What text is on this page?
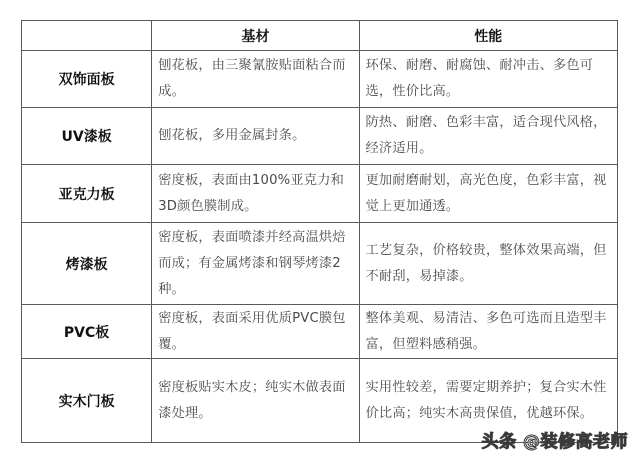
	基材	性能
双饰面板	刨花板，由三聚氰胺贴面粘合而成。	环保、耐磨、耐腐蚀、耐冲击、多色可选，性价比高。
UV漆板	刨花板，多用金属封条。	防热、耐磨、色彩丰富，适合现代风格，经济适用。
亚克力板	密度板，表面由100%亚克力和3D颜色膜制成。	更加耐磨耐划，高光色度，色彩丰富，视觉上更加通透。
烤漆板	密度板，表面喷漆并经高温烘焙而成；有金属烤漆和钢琴烤漆2种。	工艺复杂，价格较贵，整体效果高端，但不耐刮，易掉漆。
PVC板	密度板，表面采用优质PVC膜包覆。	整体美观、易清洁、多色可选而且造型丰富，但塑料感稍强。
实木门板	密度板贴实木皮；纯实木做表面漆处理。	实用性较差，需要定期养护；复合实木性价比高；纯实木高贵保值，优越环保。
头条 @装修高老师
